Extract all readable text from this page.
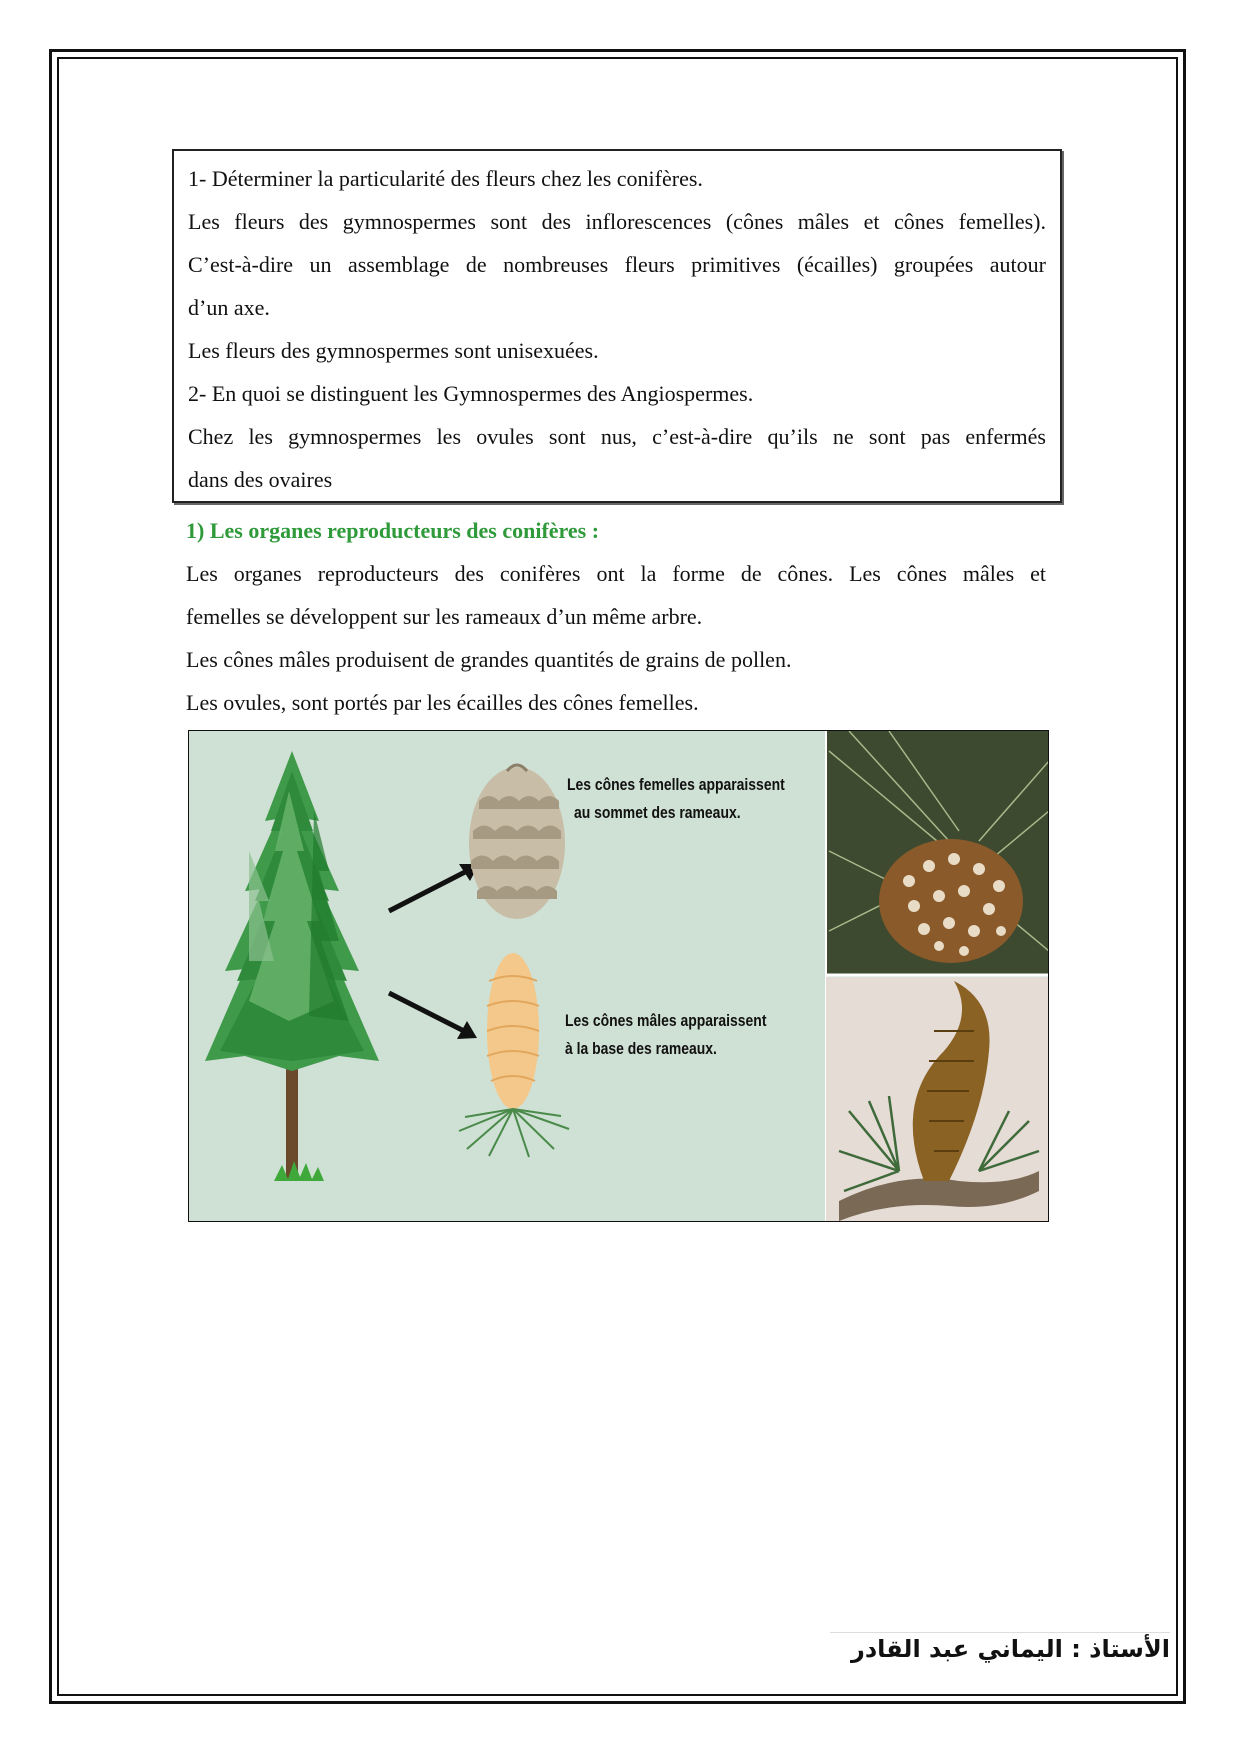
1- Déterminer la particularité des fleurs chez les conifères.

Les fleurs des gymnospermes sont des inflorescences (cônes mâles et cônes femelles).

C’est-à-dire un assemblage de nombreuses fleurs primitives (écailles) groupées autour

d’un axe.

Les fleurs des gymnospermes sont unisexuées.

2- En quoi se distinguent les Gymnospermes des Angiospermes.

Chez les gymnospermes les ovules sont nus, c’est-à-dire qu’ils ne sont pas enfermés

dans des ovaires

1) Les organes reproducteurs des conifères :

Les organes reproducteurs des conifères ont la forme de cônes. Les cônes mâles et

femelles se développent sur les rameaux d’un même arbre.

Les cônes mâles produisent de grandes quantités de grains de pollen.

Les ovules, sont portés par les écailles des cônes femelles.

Les cônes femelles apparaissent
au sommet des rameaux.
Les cônes mâles apparaissent
à la base des rameaux.
الأستاذ : اليماني عبد القادر
